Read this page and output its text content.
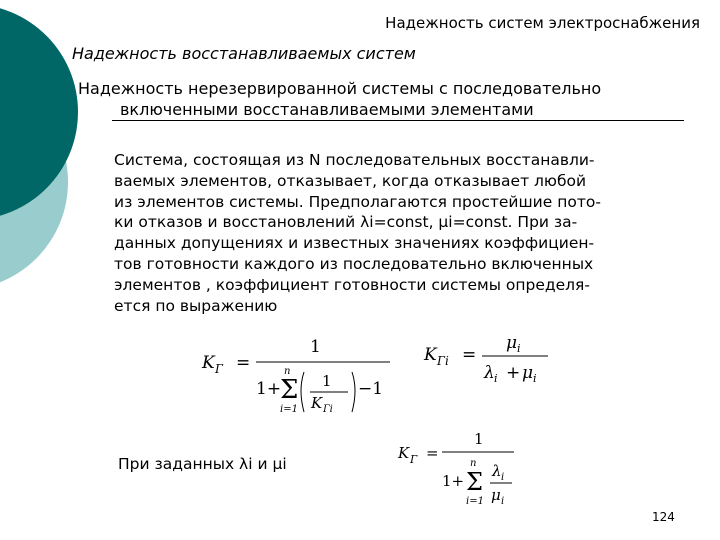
Надежность систем электроснабжения
Надежность восстанавливаемых систем
Надежность нерезервированной системы с последовательно
включенными восстанавливаемыми элементами
Система, состоящая из N последовательных восстанавли-
ваемых элементов, отказывает, когда отказывает любой
из элементов системы. Предполагаются простейшие пото-
ки отказов и восстановлений λi=const, μi=const. При за-
данных допущениях и известных значениях коэффициен-
тов готовности каждого из последовательно включенных
элементов , коэффициент готовности системы определя-
ется по выражению
K Г =
1
1+
n
Σ
i=1
1
K Гi
−1
K Гi =
μ i
λ i + μ i
При заданных λi и μi
K Г =
1
1+
n
Σ
i=1
λ i
μ i
124
